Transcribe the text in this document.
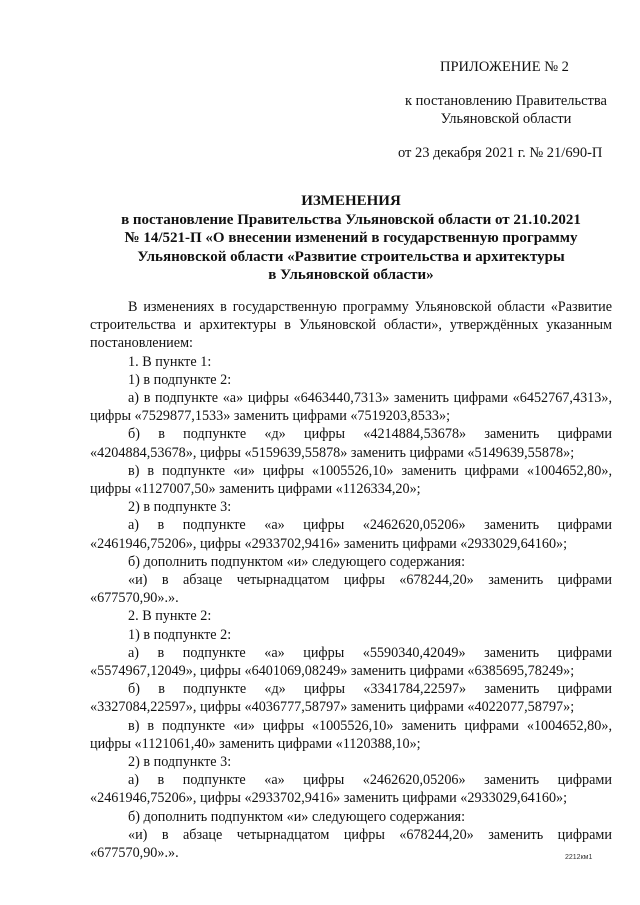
ПРИЛОЖЕНИЕ № 2
к постановлению Правительства
Ульяновской области
от 23 декабря 2021 г. № 21/690-П
ИЗМЕНЕНИЯ
в постановление Правительства Ульяновской области от 21.10.2021
№ 14/521-П «О внесении изменений в государственную программу
Ульяновской области «Развитие строительства и архитектуры
в Ульяновской области»

В изменениях в государственную программу Ульяновской области «Развитие строительства и архитектуры в Ульяновской области», утверждённых указанным постановлением:

1. В пункте 1:

1) в подпункте 2:

а) в подпункте «а» цифры «6463440,7313» заменить цифрами «6452767,4313», цифры «7529877,1533» заменить цифрами «7519203,8533»;

б) в подпункте «д» цифры «4214884,53678» заменить цифрами «4204884,53678», цифры «5159639,55878» заменить цифрами «5149639,55878»;

в) в подпункте «и» цифры «1005526,10» заменить цифрами «1004652,80», цифры «1127007,50» заменить цифрами «1126334,20»;

2) в подпункте 3:

а) в подпункте «а» цифры «2462620,05206» заменить цифрами «2461946,75206», цифры «2933702,9416» заменить цифрами «2933029,64160»;

б) дополнить подпунктом «и» следующего содержания:

«и) в абзаце четырнадцатом цифры «678244,20» заменить цифрами «677570,90».».

2. В пункте 2:

1) в подпункте 2:

а) в подпункте «а» цифры «5590340,42049» заменить цифрами «5574967,12049», цифры «6401069,08249» заменить цифрами «6385695,78249»;

б) в подпункте «д» цифры «3341784,22597» заменить цифрами «3327084,22597», цифры «4036777,58797» заменить цифрами «4022077,58797»;

в) в подпункте «и» цифры «1005526,10» заменить цифрами «1004652,80», цифры «1121061,40» заменить цифрами «1120388,10»;

2) в подпункте 3:

а) в подпункте «а» цифры «2462620,05206» заменить цифрами «2461946,75206», цифры «2933702,9416» заменить цифрами «2933029,64160»;

б) дополнить подпунктом «и» следующего содержания:

«и) в абзаце четырнадцатом цифры «678244,20» заменить цифрами «677570,90».».	2212км1
